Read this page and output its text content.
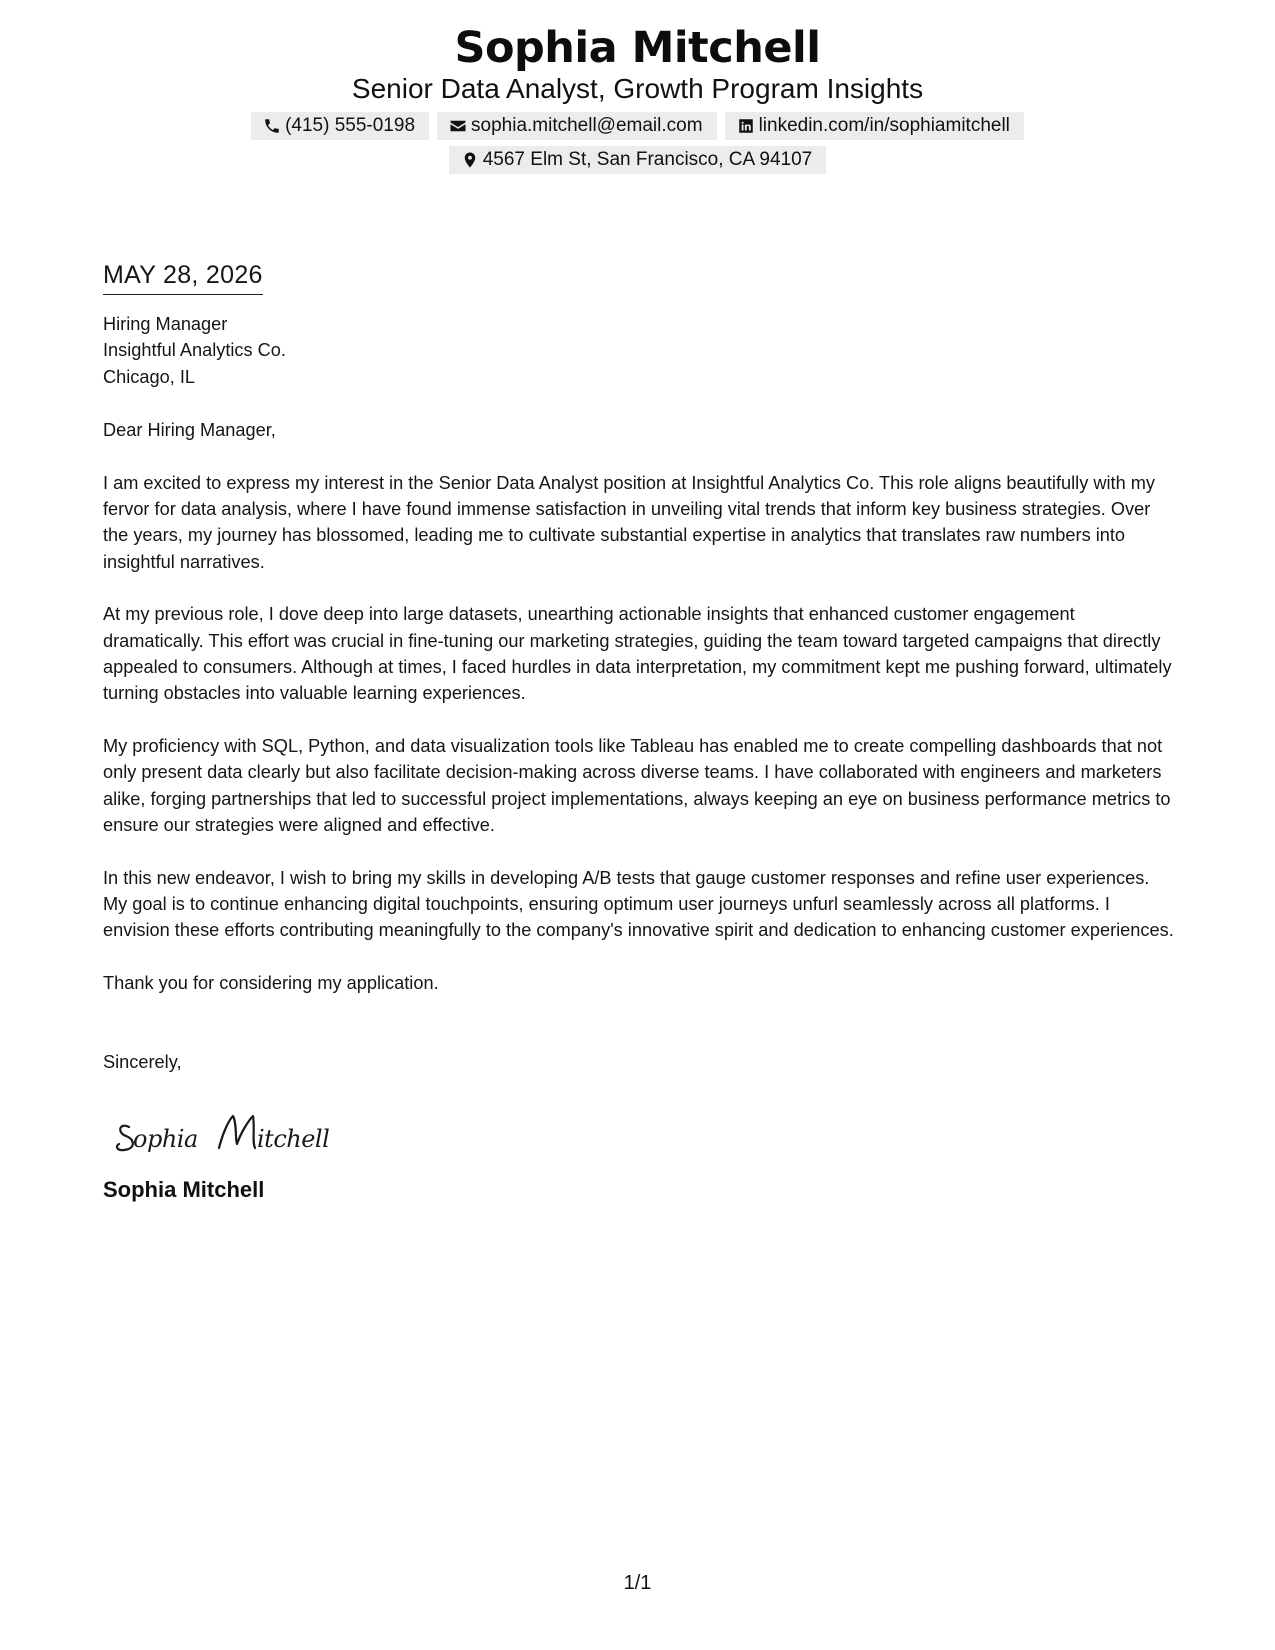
Sophia Mitchell
Senior Data Analyst, Growth Program Insights
(415) 555-0198	sophia.mitchell@email.com	linkedin.com/in/sophiamitchell
4567 Elm St, San Francisco, CA 94107
MAY 28, 2026
Hiring Manager
Insightful Analytics Co.
Chicago, IL
Dear Hiring Manager,

I am excited to express my interest in the Senior Data Analyst position at Insightful Analytics Co. This role aligns beautifully with my fervor for data analysis, where I have found immense satisfaction in unveiling vital trends that inform key business strategies. Over the years, my journey has blossomed, leading me to cultivate substantial expertise in analytics that translates raw numbers into insightful narratives.

At my previous role, I dove deep into large datasets, unearthing actionable insights that enhanced customer engagement dramatically. This effort was crucial in fine-tuning our marketing strategies, guiding the team toward targeted campaigns that directly appealed to consumers. Although at times, I faced hurdles in data interpretation, my commitment kept me pushing forward, ultimately turning obstacles into valuable learning experiences.

My proficiency with SQL, Python, and data visualization tools like Tableau has enabled me to create compelling dashboards that not only present data clearly but also facilitate decision-making across diverse teams. I have collaborated with engineers and marketers alike, forging partnerships that led to successful project implementations, always keeping an eye on business performance metrics to ensure our strategies were aligned and effective.

In this new endeavor, I wish to bring my skills in developing A/B tests that gauge customer responses and refine user experiences. My goal is to continue enhancing digital touchpoints, ensuring optimum user journeys unfurl seamlessly across all platforms. I envision these efforts contributing meaningfully to the company's innovative spirit and dedication to enhancing customer experiences.

Thank you for considering my application.

Sincerely,
ophia itchell
Sophia Mitchell
1/1
